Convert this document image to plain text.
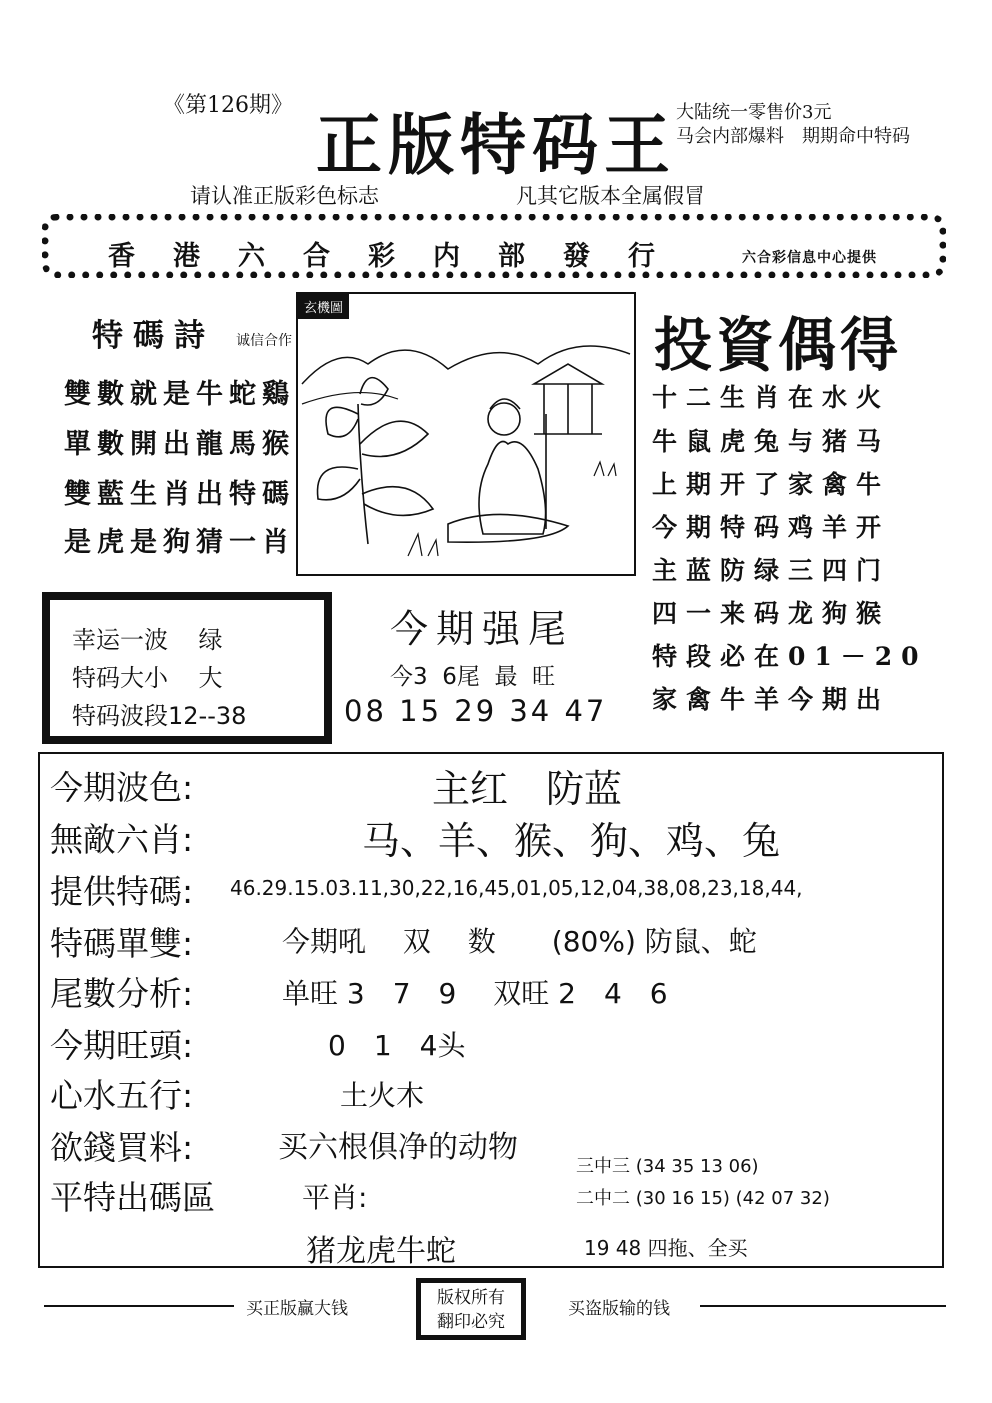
《第126期》
正版特码王 大陆统一零售价3元
马会内部爆料　期期命中特码
请认准正版彩色标志	凡其它版本全属假冒
香港六合彩内部發行	六合彩信息中心提供
特碼詩
雙數就是牛蛇鷄
單數開出龍馬猴
雙藍生肖出特碼
是虎是狗猜一肖
玄機圖
诚信合作	投資偶得
十二生肖在水火
牛鼠虎兔与猪马
上期开了家禽牛
今期特码鸡羊开
主蓝防绿三四门
四一来码龙狗猴
特段必在01－20
家禽牛羊今期出
幸运一波 绿
特码大小 大
特码波段12--38
今期强尾
今3  6尾  最  旺
08 15 29 34 47
今期波色:	主红　防蓝
無敵六肖:	马、羊、猴、狗、鸡、兔
提供特碼: 46.29.15.03.11,30,22,16,45,01,05,12,04,38,08,23,18,44,
特碼單雙:	今期吼　 双　 数　　(80%) 防鼠、蛇
尾數分析:	单旺 3　7　9　 双旺 2　4　6
今期旺頭:	0　1　4头
心水五行:	土火木
欲錢買料:	买六根俱净的动物
平特出碼區	平肖:
猪龙虎牛蛇
三中三 (34 35 13 06)
二中二 (30 16 15) (42 07 32)
19 48 四拖、全买
买正版赢大钱
版权所有
翻印必究
买盗版输的钱
